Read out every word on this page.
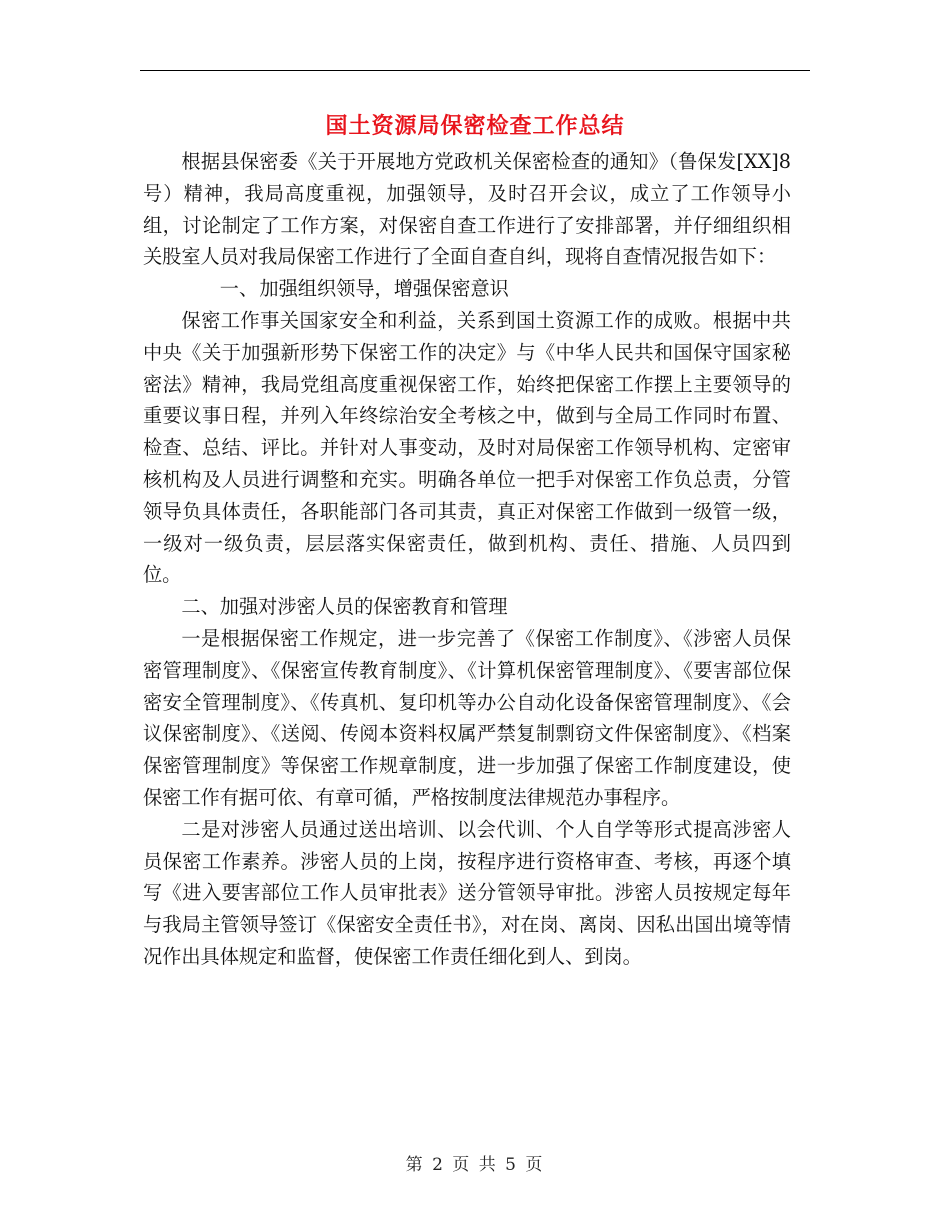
国土资源局保密检查工作总结

根据县保密委《关于开展地方党政机关保密检查的通知》（鲁保发[XX]8号）精神，我局高度重视，加强领导，及时召开会议，成立了工作领导小组，讨论制定了工作方案，对保密自查工作进行了安排部署，并仔细组织相关股室人员对我局保密工作进行了全面自查自纠，现将自查情况报告如下：

一、加强组织领导，增强保密意识

保密工作事关国家安全和利益，关系到国土资源工作的成败。根据中共中央《关于加强新形势下保密工作的决定》与《中华人民共和国保守国家秘密法》精神，我局党组高度重视保密工作，始终把保密工作摆上主要领导的重要议事日程，并列入年终综治安全考核之中，做到与全局工作同时布置、检查、总结、评比。并针对人事变动，及时对局保密工作领导机构、定密审核机构及人员进行调整和充实。明确各单位一把手对保密工作负总责，分管领导负具体责任，各职能部门各司其责，真正对保密工作做到一级管一级，一级对一级负责，层层落实保密责任，做到机构、责任、措施、人员四到位。

二、加强对涉密人员的保密教育和管理

一是根据保密工作规定，进一步完善了《保密工作制度》、《涉密人员保密管理制度》、《保密宣传教育制度》、《计算机保密管理制度》、《要害部位保密安全管理制度》、《传真机、复印机等办公自动化设备保密管理制度》、《会议保密制度》、《送阅、传阅本资料权属严禁复制剽窃文件保密制度》、《档案保密管理制度》等保密工作规章制度，进一步加强了保密工作制度建设，使保密工作有据可依、有章可循，严格按制度法律规范办事程序。

二是对涉密人员通过送出培训、以会代训、个人自学等形式提高涉密人员保密工作素养。涉密人员的上岗，按程序进行资格审查、考核，再逐个填写《进入要害部位工作人员审批表》送分管领导审批。涉密人员按规定每年与我局主管领导签订《保密安全责任书》，对在岗、离岗、因私出国出境等情况作出具体规定和监督，使保密工作责任细化到人、到岗。

第 2 页 共 5 页
